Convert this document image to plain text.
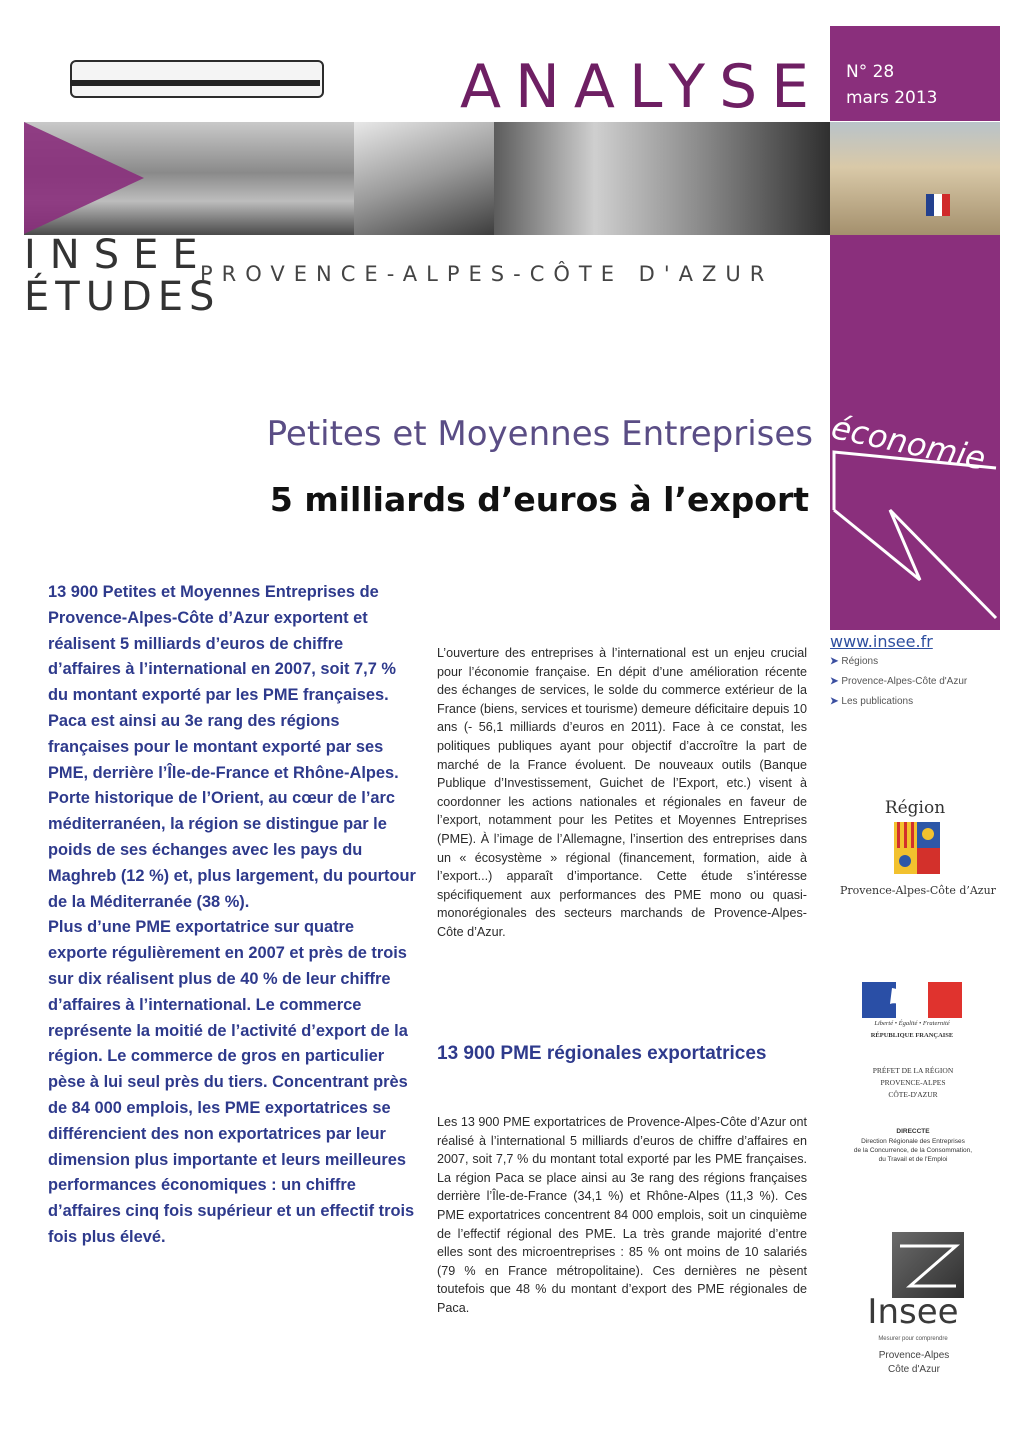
ANALYSE N° 28
mars 2013
INSEE
ÉTUDES
PROVENCE-ALPES-CÔTE D'AZUR
économie
Petites et Moyennes Entreprises
5 milliards d’euros à l’export

13 900 Petites et Moyennes Entreprises de Provence-Alpes-Côte d’Azur exportent et réalisent 5 milliards d’euros de chiffre d’affaires à l’international en 2007, soit 7,7 % du montant exporté par les PME françaises. Paca est ainsi au 3e rang des régions françaises pour le montant exporté par ses PME, derrière l’Île-de-France et Rhône-Alpes.

Porte historique de l’Orient, au cœur de l’arc méditerranéen, la région se distingue par le poids de ses échanges avec les pays du Maghreb (12 %) et, plus largement, du pourtour de la Méditerranée (38 %).

Plus d’une PME exportatrice sur quatre exporte régulièrement en 2007 et près de trois sur dix réalisent plus de 40 % de leur chiffre d’affaires à l’international. Le commerce représente la moitié de l’activité d’export de la région. Le commerce de gros en particulier pèse à lui seul près du tiers. Concentrant près de 84 000 emplois, les PME exportatrices se différencient des non exportatrices par leur dimension plus importante et leurs meilleures performances économiques : un chiffre d’affaires cinq fois supérieur et un effectif trois fois plus élevé.

L’ouverture des entreprises à l’international est un enjeu crucial pour l’économie française. En dépit d’une amélioration récente des échanges de services, le solde du commerce extérieur de la France (biens, services et tourisme) demeure déficitaire depuis 10 ans (- 56,1 milliards d’euros en 2011). Face à ce constat, les politiques publiques ayant pour objectif d’accroître la part de marché de la France évoluent. De nouveaux outils (Banque Publique d’Investissement, Guichet de l’Export, etc.) visent à coordonner les actions nationales et régionales en faveur de l’export, notamment pour les Petites et Moyennes Entreprises (PME). À l’image de l’Allemagne, l’insertion des entreprises dans un « écosystème » régional (financement, formation, aide à l’export...) apparaît d’importance. Cette étude s’intéresse spécifiquement aux performances des PME mono ou quasi-monorégionales des secteurs marchands de Provence-Alpes-Côte d’Azur.

13 900 PME régionales exportatrices

Les 13 900 PME exportatrices de Provence-Alpes-Côte d’Azur ont réalisé à l’international 5 milliards d’euros de chiffre d’affaires en 2007, soit 7,7 % du montant total exporté par les PME françaises. La région Paca se place ainsi au 3e rang des régions françaises derrière l’Île-de-France (34,1 %) et Rhône-Alpes (11,3 %). Ces PME exportatrices concentrent 84 000 emplois, soit un cinquième de l’effectif régional des PME. La très grande majorité d’entre elles sont des microentreprises : 85 % ont moins de 10 salariés (79 % en France métropolitaine). Ces dernières ne pèsent toutefois que 48 % du montant d’export des PME régionales de Paca.

www.insee.fr
➤ Régions
➤ Provence-Alpes-Côte d'Azur
➤ Les publications
Région
Provence-Alpes-Côte d’Azur
Liberté • Égalité • Fraternité
RÉPUBLIQUE FRANÇAISE
PRÉFET DE LA RÉGION
PROVENCE-ALPES
CÔTE-D'AZUR
DIRECCTE
Direction Régionale des Entreprises
de la Concurrence, de la Consommation,
du Travail et de l'Emploi
Insee
Mesurer pour comprendre
Provence-Alpes
Côte d'Azur
